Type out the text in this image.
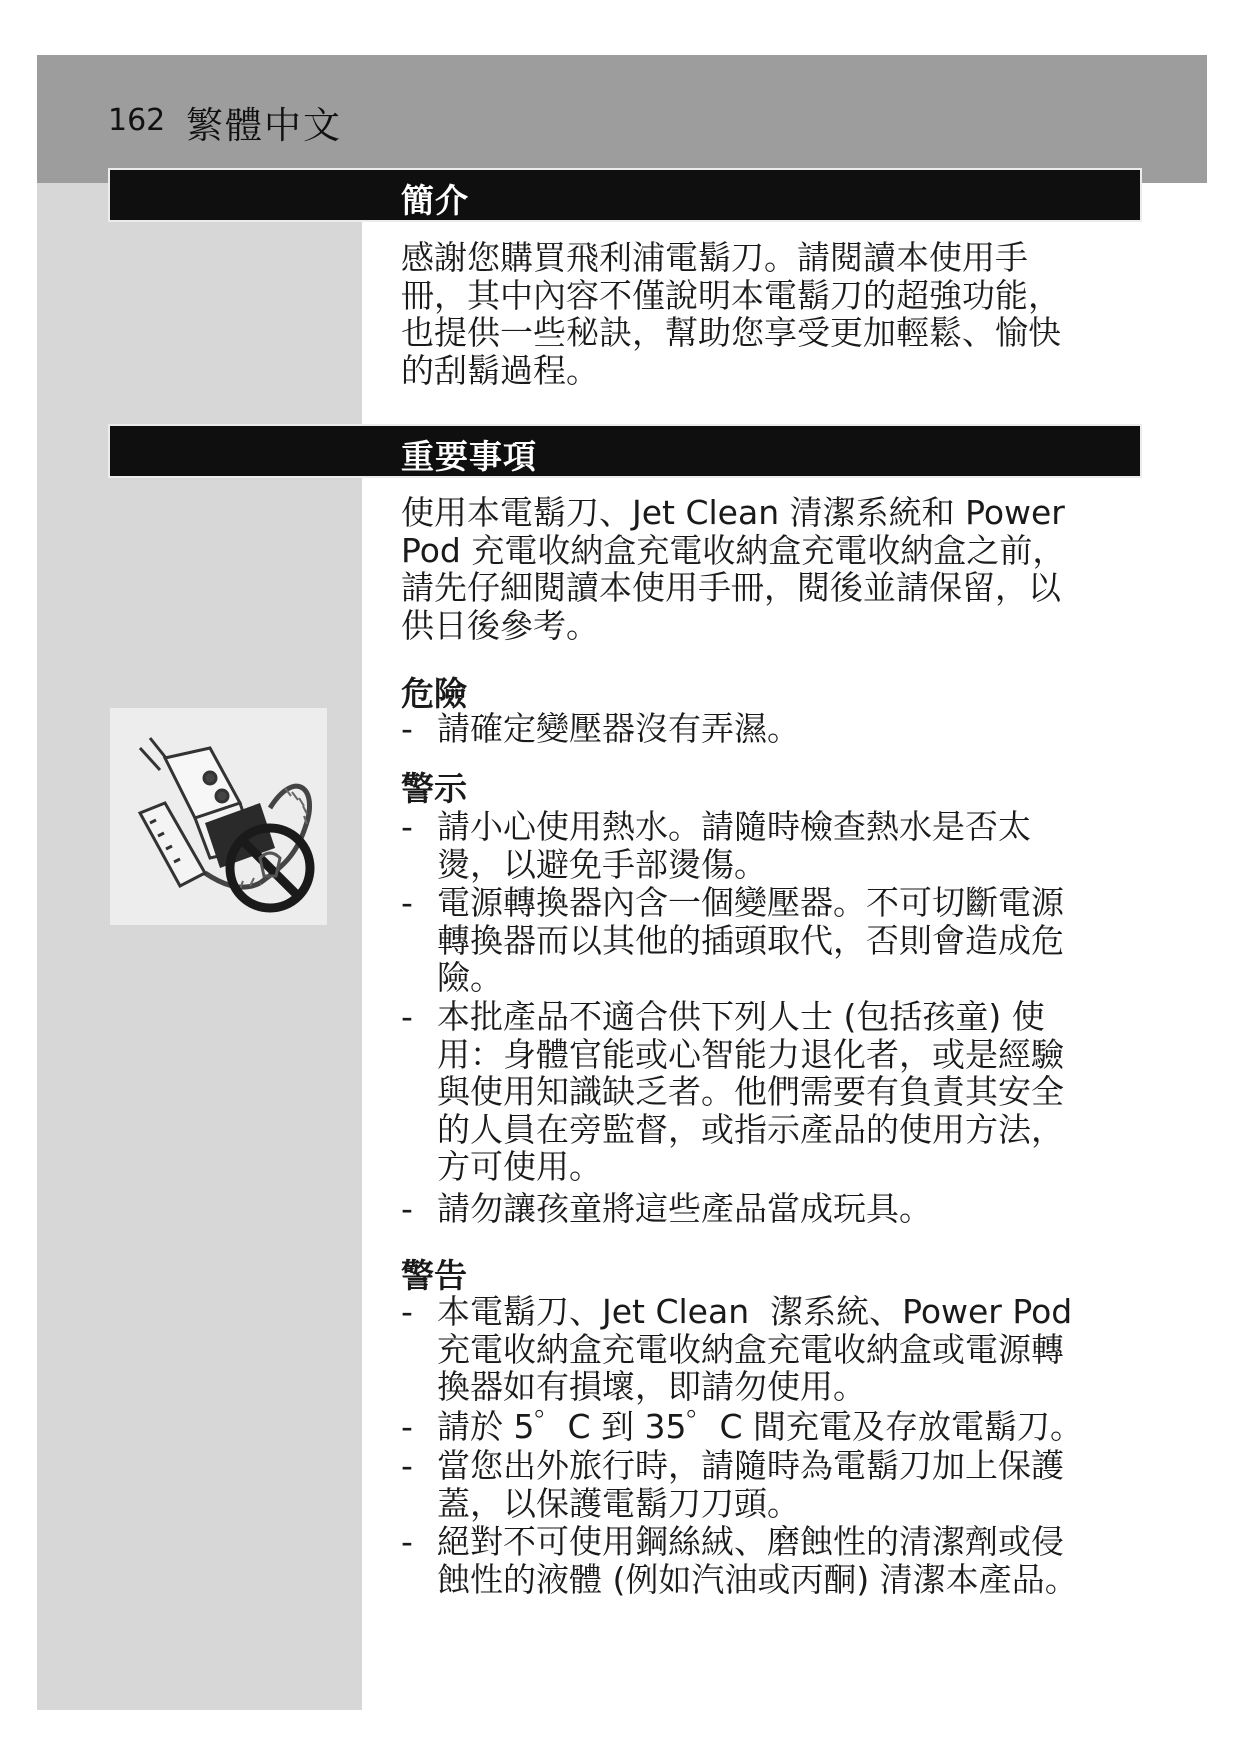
162 繁體中文
簡介

感謝您購買飛利浦電鬍刀。請閱讀本使用手
冊，其中內容不僅說明本電鬍刀的超強功能，
也提供一些秘訣，幫助您享受更加輕鬆、愉快
的刮鬍過程。

重要事項

使用本電鬍刀、Jet Clean 清潔系統和 Power
Pod 充電收納盒充電收納盒充電收納盒之前，
請先仔細閱讀本使用手冊，閱後並請保留，以
供日後參考。

危險

- 請確定變壓器沒有弄濕。

警示

- 請小心使用熱水。請隨時檢查熱水是否太
燙，以避免手部燙傷。
- 電源轉換器內含一個變壓器。不可切斷電源
轉換器而以其他的插頭取代，否則會造成危
險。
- 本批產品不適合供下列人士 (包括孩童) 使
用：身體官能或心智能力退化者，或是經驗
與使用知識缺乏者。他們需要有負責其安全
的人員在旁監督，或指示產品的使用方法，
方可使用。
- 請勿讓孩童將這些產品當成玩具。

警告

- 本電鬍刀、Jet Clean  潔系統、Power Pod
充電收納盒充電收納盒充電收納盒或電源轉
換器如有損壞，即請勿使用。
- 請於 5゜C 到 35゜C 間充電及存放電鬍刀。
- 當您出外旅行時，請隨時為電鬍刀加上保護
蓋，以保護電鬍刀刀頭。
- 絕對不可使用鋼絲絨、磨蝕性的清潔劑或侵
蝕性的液體 (例如汽油或丙酮) 清潔本產品。
